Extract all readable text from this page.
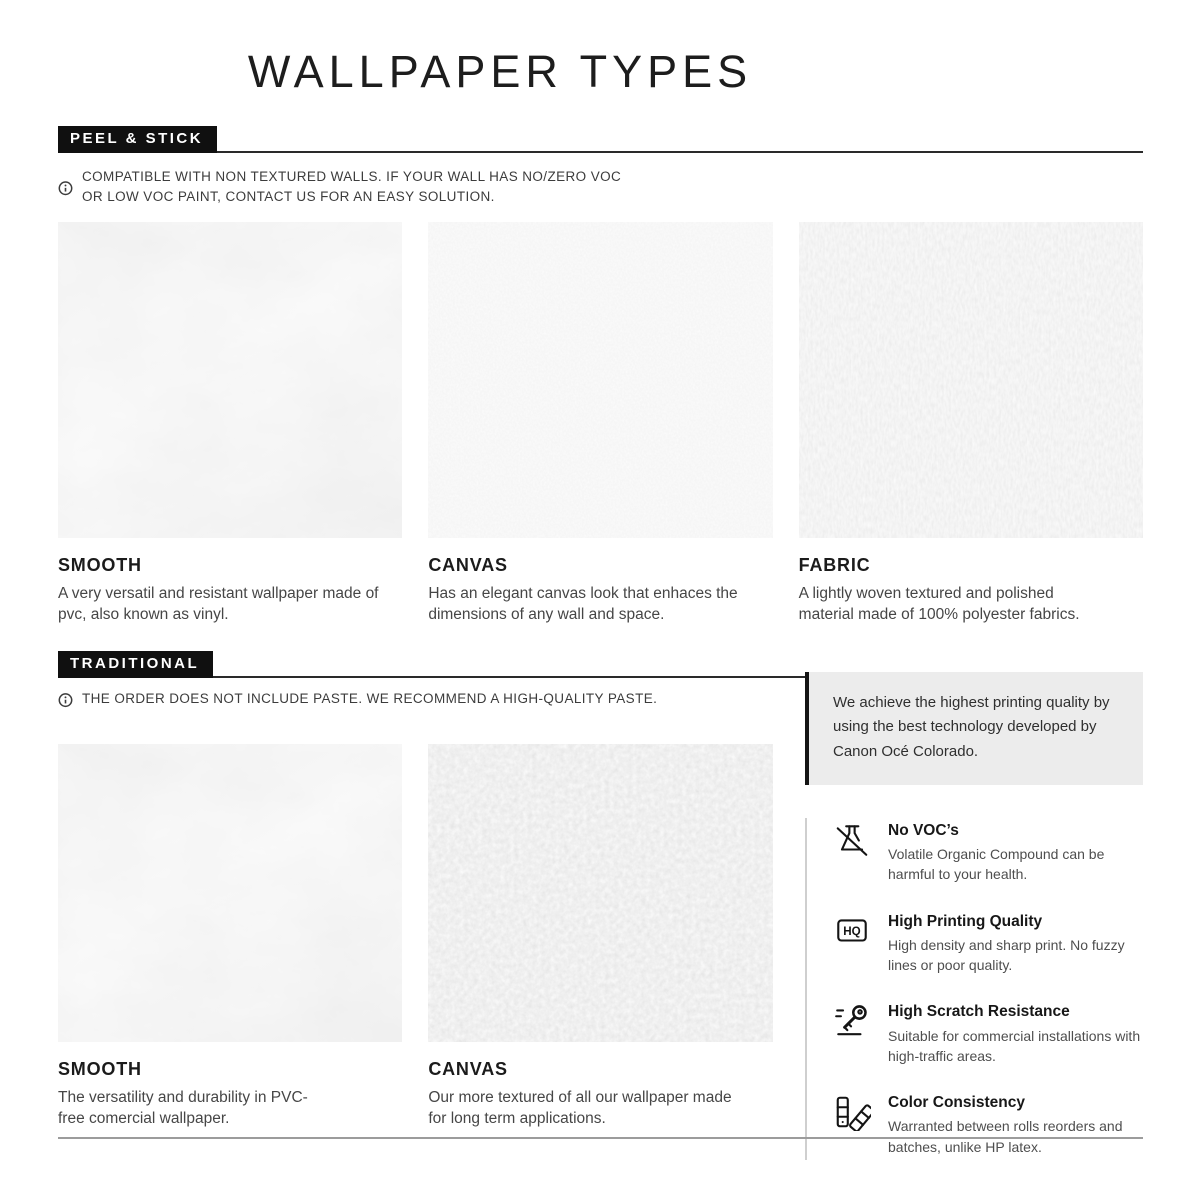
WALLPAPER TYPES
PEEL & STICK
COMPATIBLE WITH NON TEXTURED WALLS. IF YOUR WALL HAS NO/ZERO VOC OR LOW VOC PAINT, CONTACT US FOR AN EASY SOLUTION.
SMOOTH
A very versatil and resistant wallpaper made of pvc, also known as vinyl.
CANVAS
Has an elegant canvas look that enhaces the dimensions of any wall and space.
FABRIC
A lightly woven textured and polished material made of 100% polyester fabrics.
TRADITIONAL
THE ORDER DOES NOT INCLUDE PASTE. WE RECOMMEND A HIGH-QUALITY PASTE.
SMOOTH
The versatility and durability in PVC-free comercial wallpaper.
CANVAS
Our more textured of all our wallpaper made for long term applications.
We achieve the highest printing quality by using the best technology developed by Canon Océ Colorado.
No VOC’s
Volatile Organic Compound can be harmful to your health.
HQ
High Printing Quality
High density and sharp print. No fuzzy lines or poor quality.
High Scratch Resistance
Suitable for commercial installations with high-traffic areas.
Color Consistency
Warranted between rolls reorders and batches, unlike HP latex.
